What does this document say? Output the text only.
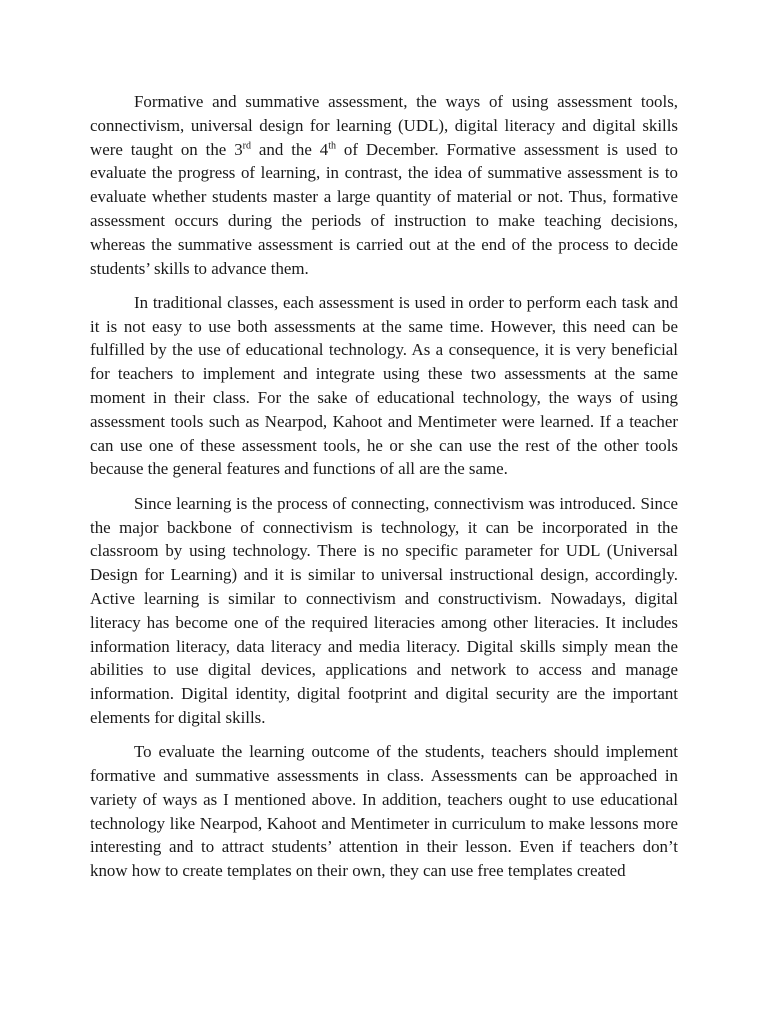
Formative and summative assessment, the ways of using assessment tools, connectivism, universal design for learning (UDL), digital literacy and digital skills were taught on the 3rd and the 4th of December. Formative assessment is used to evaluate the progress of learning, in contrast, the idea of summative assessment is to evaluate whether students master a large quantity of material or not. Thus, formative assessment occurs during the periods of instruction to make teaching decisions, whereas the summative assessment is carried out at the end of the process to decide students’ skills to advance them.

In traditional classes, each assessment is used in order to perform each task and it is not easy to use both assessments at the same time. However, this need can be fulfilled by the use of educational technology. As a consequence, it is very beneficial for teachers to implement and integrate using these two assessments at the same moment in their class. For the sake of educational technology, the ways of using assessment tools such as Nearpod, Kahoot and Mentimeter were learned. If a teacher can use one of these assessment tools, he or she can use the rest of the other tools because the general features and functions of all are the same.

Since learning is the process of connecting, connectivism was introduced. Since the major backbone of connectivism is technology, it can be incorporated in the classroom by using technology. There is no specific parameter for UDL (Universal Design for Learning) and it is similar to universal instructional design, accordingly. Active learning is similar to connectivism and constructivism. Nowadays, digital literacy has become one of the required literacies among other literacies. It includes information literacy, data literacy and media literacy. Digital skills simply mean the abilities to use digital devices, applications and network to access and manage information. Digital identity, digital footprint and digital security are the important elements for digital skills.

To evaluate the learning outcome of the students, teachers should implement formative and summative assessments in class. Assessments can be approached in variety of ways as I mentioned above. In addition, teachers ought to use educational technology like Nearpod, Kahoot and Mentimeter in curriculum to make lessons more interesting and to attract students’ attention in their lesson. Even if teachers don’t know how to create templates on their own, they can use free templates created
